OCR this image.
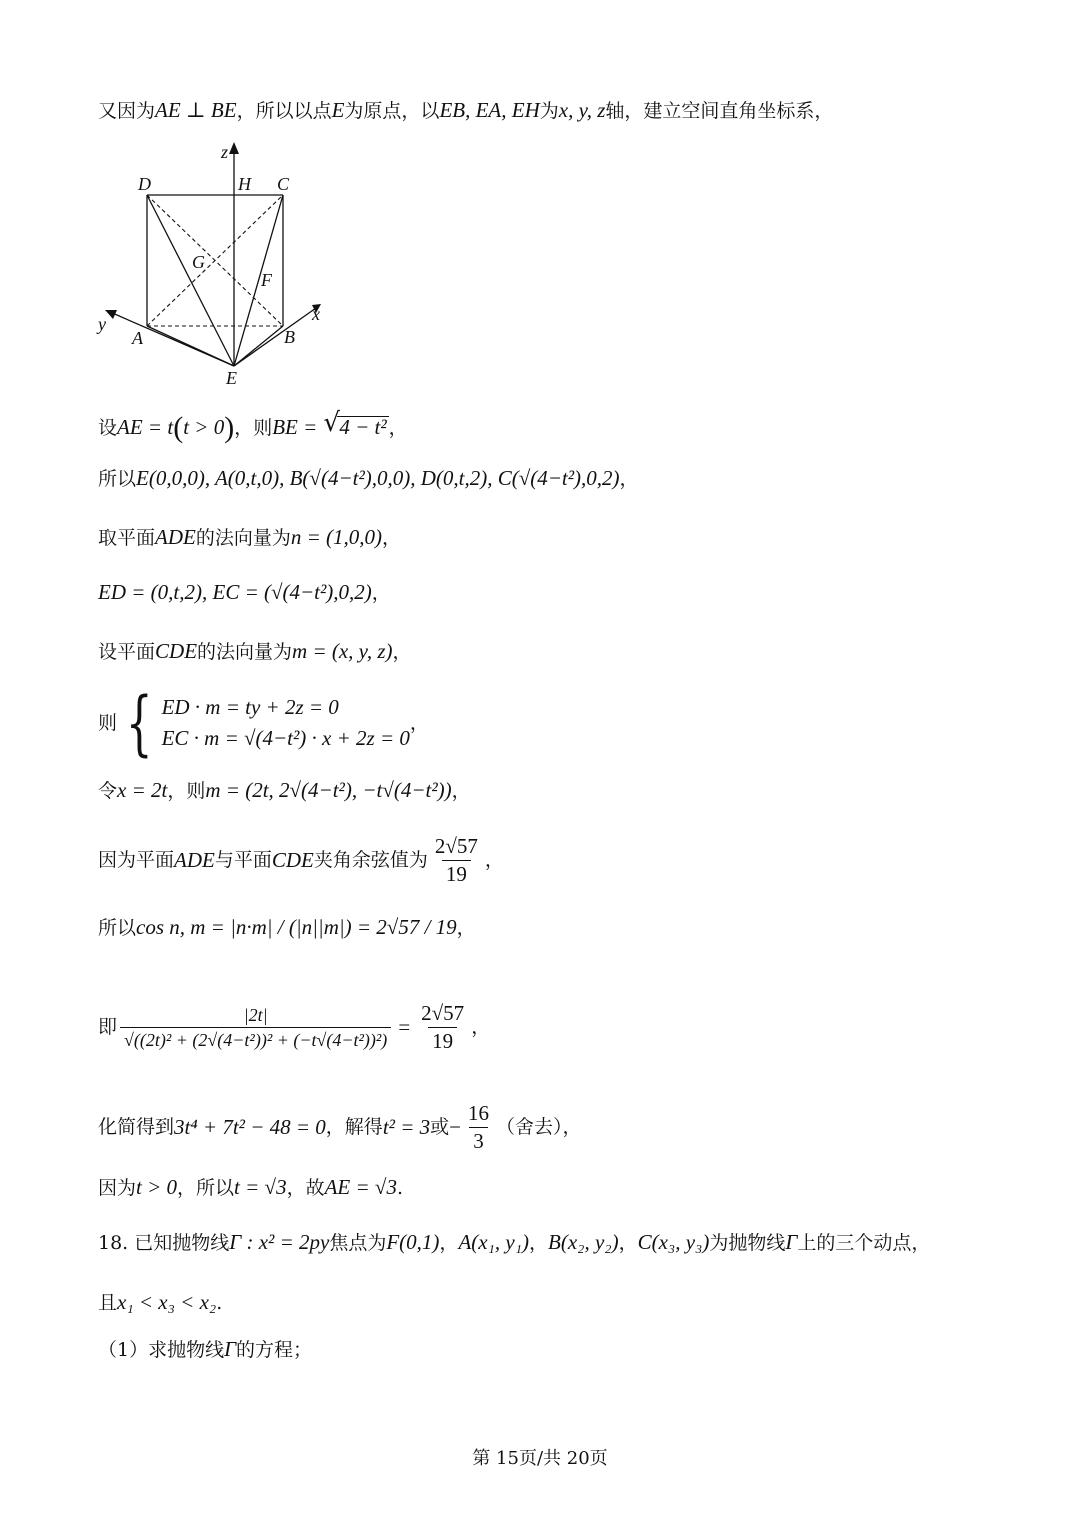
又因为AE ⊥ BE，所以以点E为原点，以EB, EA, EH为x, y, z轴，建立空间直角坐标系，
z
D	H C
G
F
y	x
A	B
E
设AE = t(t > 0)，则BE = √ 4 − t² ，
所以E(0,0,0), A(0,t,0), B(√(4−t²),0,0), D(0,t,2), C(√(4−t²),0,2)，
取平面ADE的法向量为n = (1,0,0)，
ED = (0,t,2), EC = (√(4−t²),0,2)，
设平面CDE的法向量为m = (x, y, z)，
则 { ED · m = ty + 2z = 0
EC · m = √(4−t²) · x + 2z = 0
，
令x = 2t，则m = (2t, 2√(4−t²), −t√(4−t²))，
因为平面 ADE 与平面 CDE 夹角余弦值为 $\frac{2√57}{19}$ ，
所以cos n, m = |n·m| / (|n||m|) = 2√57 / 19，
即 $\frac{|2t|}{\text{√((2t)² + (2√(4−t²))² + (−t√(4−t²))²)}} = \frac{2√57}{19}$ ，
化简得到 3t⁴ + 7t² − 48 = 0 ，解得 t² = 3 或 − $\frac{16}{3}$ （舍去），
因为t > 0，所以t = √3，故AE = √3.
18. 已知抛物线Γ : x² = 2py焦点为F(0,1)，A(x₁, y₁)，B(x₂, y₂)，C(x₃, y₃)为抛物线Γ上的三个动点，
且x₁ < x₃ < x₂.
（1）求抛物线Γ的方程；
第 15页/共 20页
